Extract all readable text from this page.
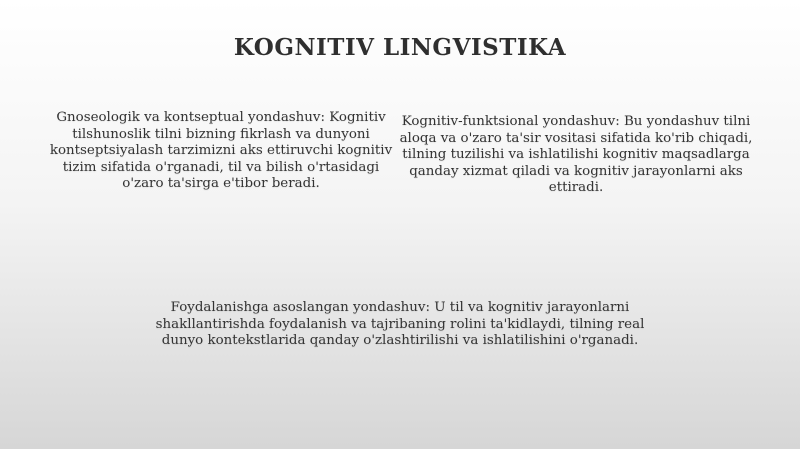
KOGNITIV LINGVISTIKA
Gnoseologik va kontseptual yondashuv: Kognitiv tilshunoslik tilni bizning fikrlash va dunyoni kontseptsiyalash tarzimizni aks ettiruvchi kognitiv tizim sifatida o'rganadi, til va bilish o'rtasidagi o'zaro ta'sirga e'tibor beradi.
Kognitiv-funktsional yondashuv: Bu yondashuv tilni aloqa va o'zaro ta'sir vositasi sifatida ko'rib chiqadi, tilning tuzilishi va ishlatilishi kognitiv maqsadlarga qanday xizmat qiladi va kognitiv jarayonlarni aks ettiradi.
Foydalanishga asoslangan yondashuv: U til va kognitiv jarayonlarni shakllantirishda foydalanish va tajribaning rolini ta'kidlaydi, tilning real dunyo kontekstlarida qanday o'zlashtirilishi va ishlatilishini o'rganadi.
